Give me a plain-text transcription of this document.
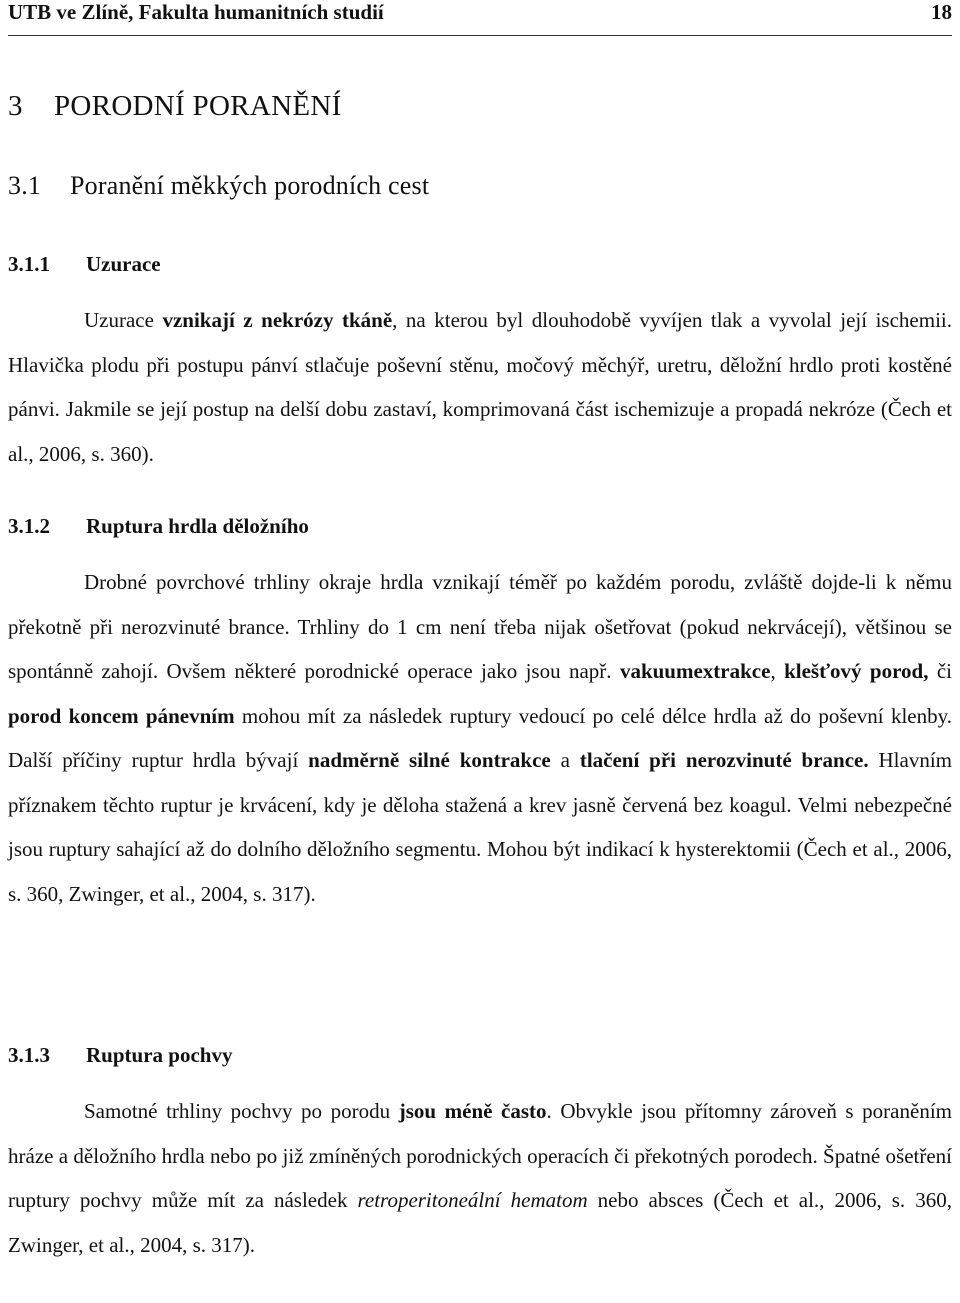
UTB ve Zlíně, Fakulta humanitních studií	18
3 PORODNÍ PORANĚNÍ
3.1 Poranění měkkých porodních cest
3.1.1 Uzurace

Uzurace vznikají z nekrózy tkáně, na kterou byl dlouhodobě vyvíjen tlak a vyvolal její ischemii. Hlavička plodu při postupu pánví stlačuje poševní stěnu, močový měchýř, uretru, děložní hrdlo proti kostěné pánvi. Jakmile se její postup na delší dobu zastaví, komprimovaná část ischemizuje a propadá nekróze (Čech et al., 2006, s. 360).

3.1.2 Ruptura hrdla děložního

Drobné povrchové trhliny okraje hrdla vznikají téměř po každém porodu, zvláště dojde-li k němu překotně při nerozvinuté brance. Trhliny do 1 cm není třeba nijak ošetřovat (pokud nekrvácejí), většinou se spontánně zahojí. Ovšem některé porodnické operace jako jsou např. vakuumextrakce, klešťový porod, či porod koncem pánevním mohou mít za následek ruptury vedoucí po celé délce hrdla až do poševní klenby. Další příčiny ruptur hrdla bývají nadměrně silné kontrakce a tlačení při nerozvinuté brance. Hlavním příznakem těchto ruptur je krvácení, kdy je děloha stažená a krev jasně červená bez koagul. Velmi nebezpečné jsou ruptury sahající až do dolního děložního segmentu. Mohou být indikací k hysterektomii (Čech et al., 2006, s. 360, Zwinger, et al., 2004, s. 317).

3.1.3 Ruptura pochvy

Samotné trhliny pochvy po porodu jsou méně často. Obvykle jsou přítomny zároveň s poraněním hráze a děložního hrdla nebo po již zmíněných porodnických operacích či překotných porodech. Špatné ošetření ruptury pochvy může mít za následek retroperitoneální hematom nebo absces (Čech et al., 2006, s. 360, Zwinger, et al., 2004, s. 317).
